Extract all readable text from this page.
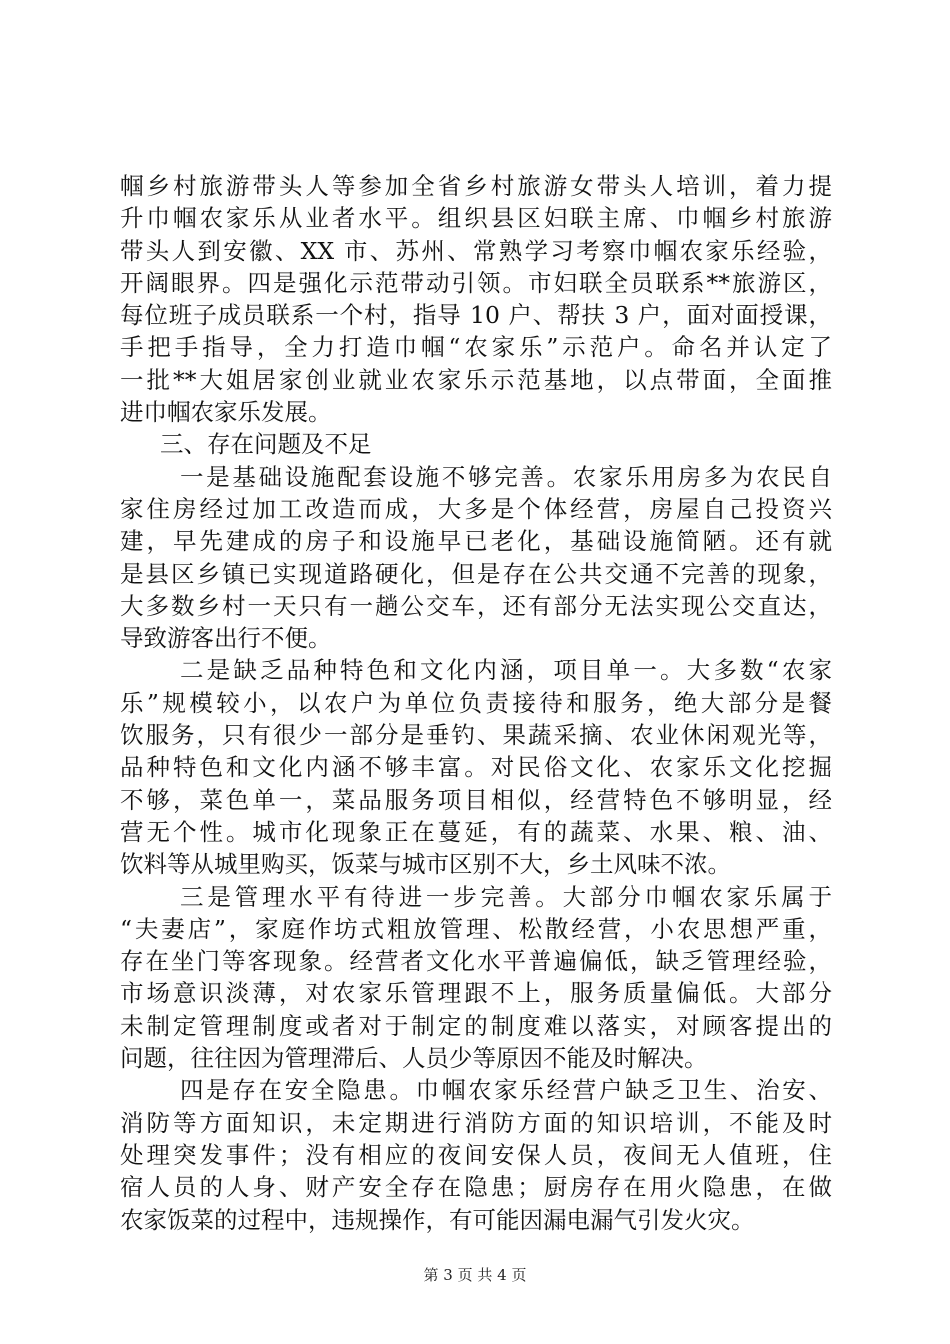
帼乡村旅游带头人等参加全省乡村旅游女带头人培训，着力提
升巾帼农家乐从业者水平。组织县区妇联主席、巾帼乡村旅游
带头人到安徽、XX 市、苏州、常熟学习考察巾帼农家乐经验，
开阔眼界。四是强化示范带动引领。市妇联全员联系**旅游区，
每位班子成员联系一个村，指导 10 户、帮扶 3 户，面对面授课，
手把手指导，全力打造巾帼“农家乐”示范户。命名并认定了
一批**大姐居家创业就业农家乐示范基地，以点带面，全面推
进巾帼农家乐发展。
三、存在问题及不足
一是基础设施配套设施不够完善。农家乐用房多为农民自
家住房经过加工改造而成，大多是个体经营，房屋自己投资兴
建，早先建成的房子和设施早已老化，基础设施简陋。还有就
是县区乡镇已实现道路硬化，但是存在公共交通不完善的现象，
大多数乡村一天只有一趟公交车，还有部分无法实现公交直达，
导致游客出行不便。
二是缺乏品种特色和文化内涵，项目单一。大多数“农家
乐”规模较小，以农户为单位负责接待和服务，绝大部分是餐
饮服务，只有很少一部分是垂钓、果蔬采摘、农业休闲观光等，
品种特色和文化内涵不够丰富。对民俗文化、农家乐文化挖掘
不够，菜色单一，菜品服务项目相似，经营特色不够明显，经
营无个性。城市化现象正在蔓延，有的蔬菜、水果、粮、油、
饮料等从城里购买，饭菜与城市区别不大，乡土风味不浓。
三是管理水平有待进一步完善。大部分巾帼农家乐属于
“夫妻店”，家庭作坊式粗放管理、松散经营，小农思想严重，
存在坐门等客现象。经营者文化水平普遍偏低，缺乏管理经验，
市场意识淡薄，对农家乐管理跟不上，服务质量偏低。大部分
未制定管理制度或者对于制定的制度难以落实，对顾客提出的
问题，往往因为管理滞后、人员少等原因不能及时解决。
四是存在安全隐患。巾帼农家乐经营户缺乏卫生、治安、
消防等方面知识，未定期进行消防方面的知识培训，不能及时
处理突发事件；没有相应的夜间安保人员，夜间无人值班，住
宿人员的人身、财产安全存在隐患；厨房存在用火隐患，在做
农家饭菜的过程中，违规操作，有可能因漏电漏气引发火灾。
第 3 页 共 4 页
